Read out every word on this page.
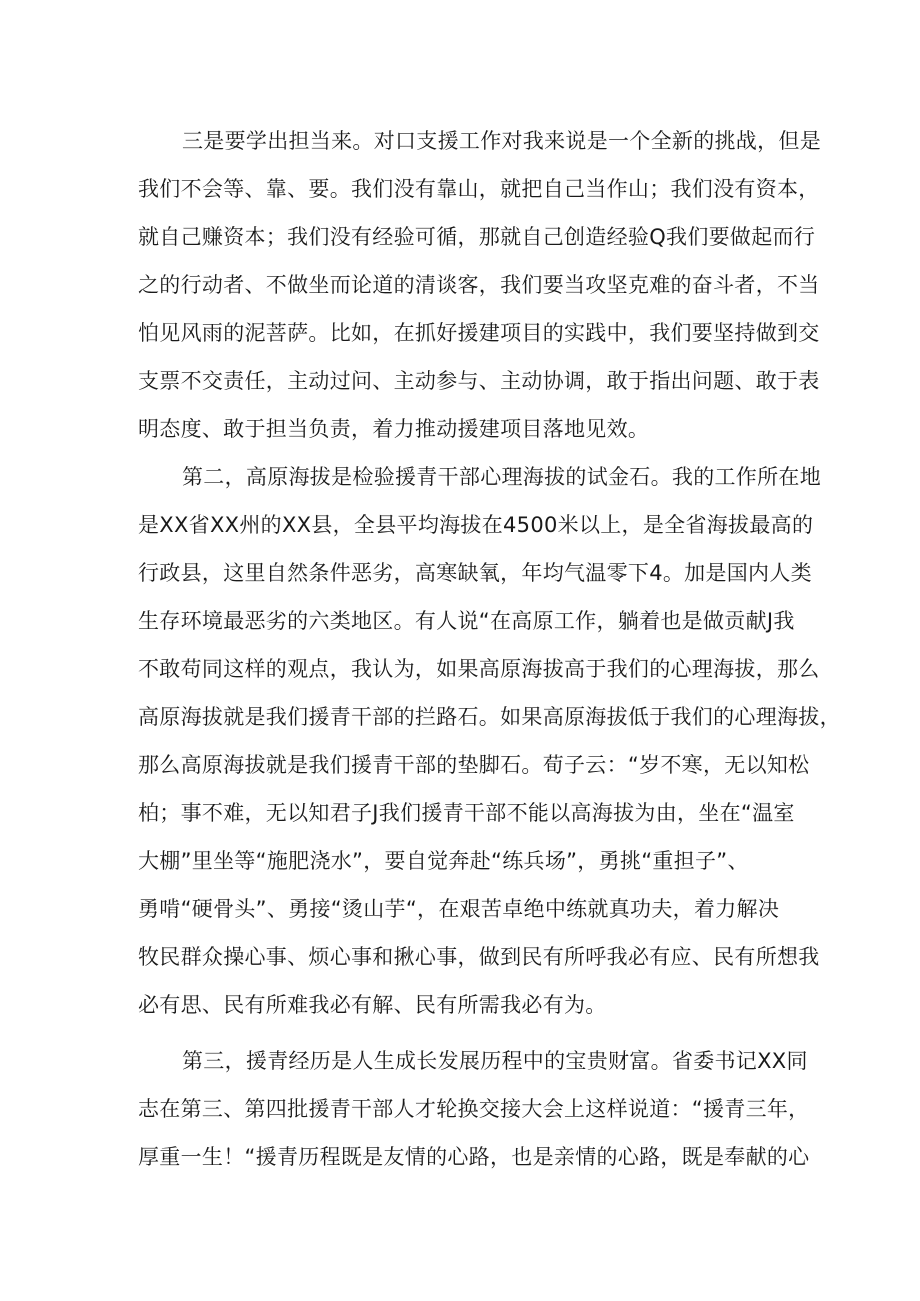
三是要学出担当来。对口支援工作对我来说是一个全新的挑战，但是
我们不会等、靠、要。我们没有靠山，就把自己当作山；我们没有资本，
就自己赚资本；我们没有经验可循，那就自己创造经验Q我们要做起而行
之的行动者、不做坐而论道的清谈客，我们要当攻坚克难的奋斗者，不当
怕见风雨的泥菩萨。比如，在抓好援建项目的实践中，我们要坚持做到交
支票不交责任，主动过问、主动参与、主动协调，敢于指出问题、敢于表
明态度、敢于担当负责，着力推动援建项目落地见效。
第二，高原海拔是检验援青干部心理海拔的试金石。我的工作所在地
是XX省XX州的XX县，全县平均海拔在4500米以上，是全省海拔最高的
行政县，这里自然条件恶劣，高寒缺氧，年均气温零下4。加是国内人类
生存环境最恶劣的六类地区。有人说“在高原工作，躺着也是做贡献J我
不敢苟同这样的观点，我认为，如果高原海拔高于我们的心理海拔，那么
高原海拔就是我们援青干部的拦路石。如果高原海拔低于我们的心理海拔，
那么高原海拔就是我们援青干部的垫脚石。荀子云：“岁不寒，无以知松
柏；事不难，无以知君子J我们援青干部不能以高海拔为由，坐在“温室
大棚”里坐等“施肥浇水”，要自觉奔赴“练兵场”，勇挑“重担子”、
勇啃“硬骨头”、勇接“烫山芋“，在艰苦卓绝中练就真功夫，着力解决
牧民群众操心事、烦心事和揪心事，做到民有所呼我必有应、民有所想我
必有思、民有所难我必有解、民有所需我必有为。
第三，援青经历是人生成长发展历程中的宝贵财富。省委书记XX同
志在第三、第四批援青干部人才轮换交接大会上这样说道：“援青三年，
厚重一生！“援青历程既是友情的心路，也是亲情的心路，既是奉献的心
